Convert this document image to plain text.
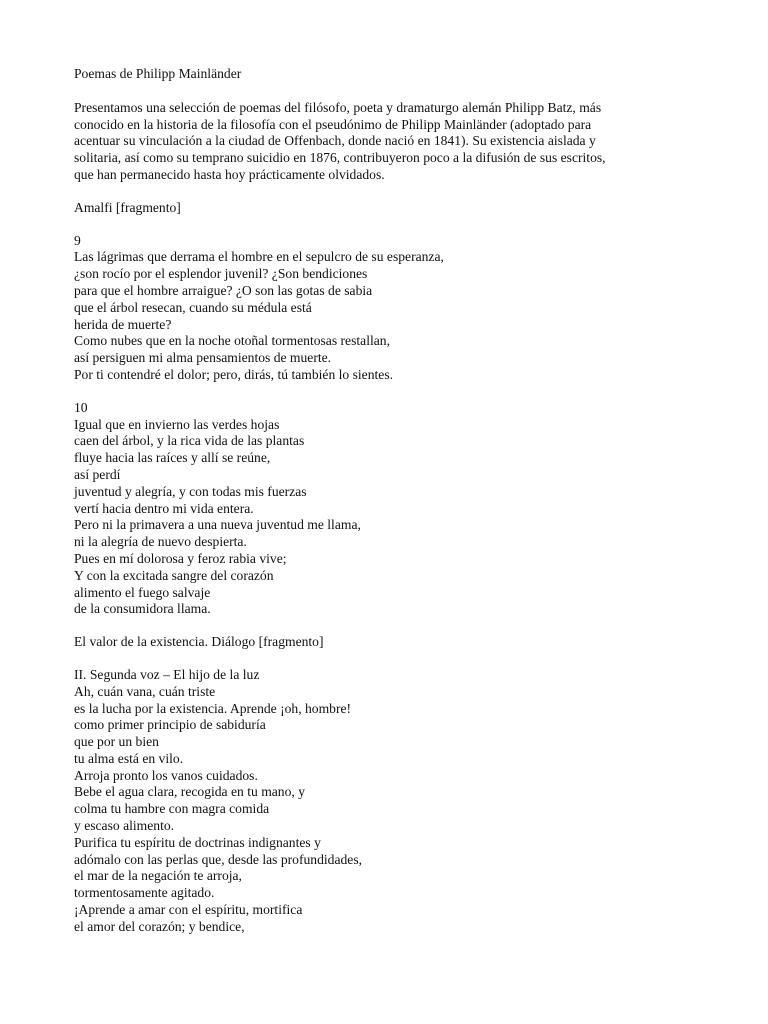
Poemas de Philipp Mainländer
Presentamos una selección de poemas del filósofo, poeta y dramaturgo alemán Philipp Batz, más
conocido en la historia de la filosofía con el pseudónimo de Philipp Mainländer (adoptado para
acentuar su vinculación a la ciudad de Offenbach, donde nació en 1841). Su existencia aislada y
solitaria, así como su temprano suicidio en 1876, contribuyeron poco a la difusión de sus escritos,
que han permanecido hasta hoy prácticamente olvidados.
Amalfi [fragmento]
9
Las lágrimas que derrama el hombre en el sepulcro de su esperanza,
¿son rocío por el esplendor juvenil? ¿Son bendiciones
para que el hombre arraigue? ¿O son las gotas de sabia
que el árbol resecan, cuando su médula está
herida de muerte?
Como nubes que en la noche otoñal tormentosas restallan,
así persiguen mi alma pensamientos de muerte.
Por ti contendré el dolor; pero, dirás, tú también lo sientes.
10
Igual que en invierno las verdes hojas
caen del árbol, y la rica vida de las plantas
fluye hacia las raíces y allí se reúne,
así perdí
juventud y alegría, y con todas mis fuerzas
vertí hacia dentro mi vida entera.
Pero ni la primavera a una nueva juventud me llama,
ni la alegría de nuevo despierta.
Pues en mí dolorosa y feroz rabia vive;
Y con la excitada sangre del corazón
alimento el fuego salvaje
de la consumidora llama.
El valor de la existencia. Diálogo [fragmento]
II. Segunda voz – El hijo de la luz
Ah, cuán vana, cuán triste
es la lucha por la existencia. Aprende ¡oh, hombre!
como primer principio de sabiduría
que por un bien
tu alma está en vilo.
Arroja pronto los vanos cuidados.
Bebe el agua clara, recogida en tu mano, y
colma tu hambre con magra comida
y escaso alimento.
Purifica tu espíritu de doctrinas indignantes y
adómalo con las perlas que, desde las profundidades,
el mar de la negación te arroja,
tormentosamente agitado.
¡Aprende a amar con el espíritu, mortifica
el amor del corazón; y bendice,
